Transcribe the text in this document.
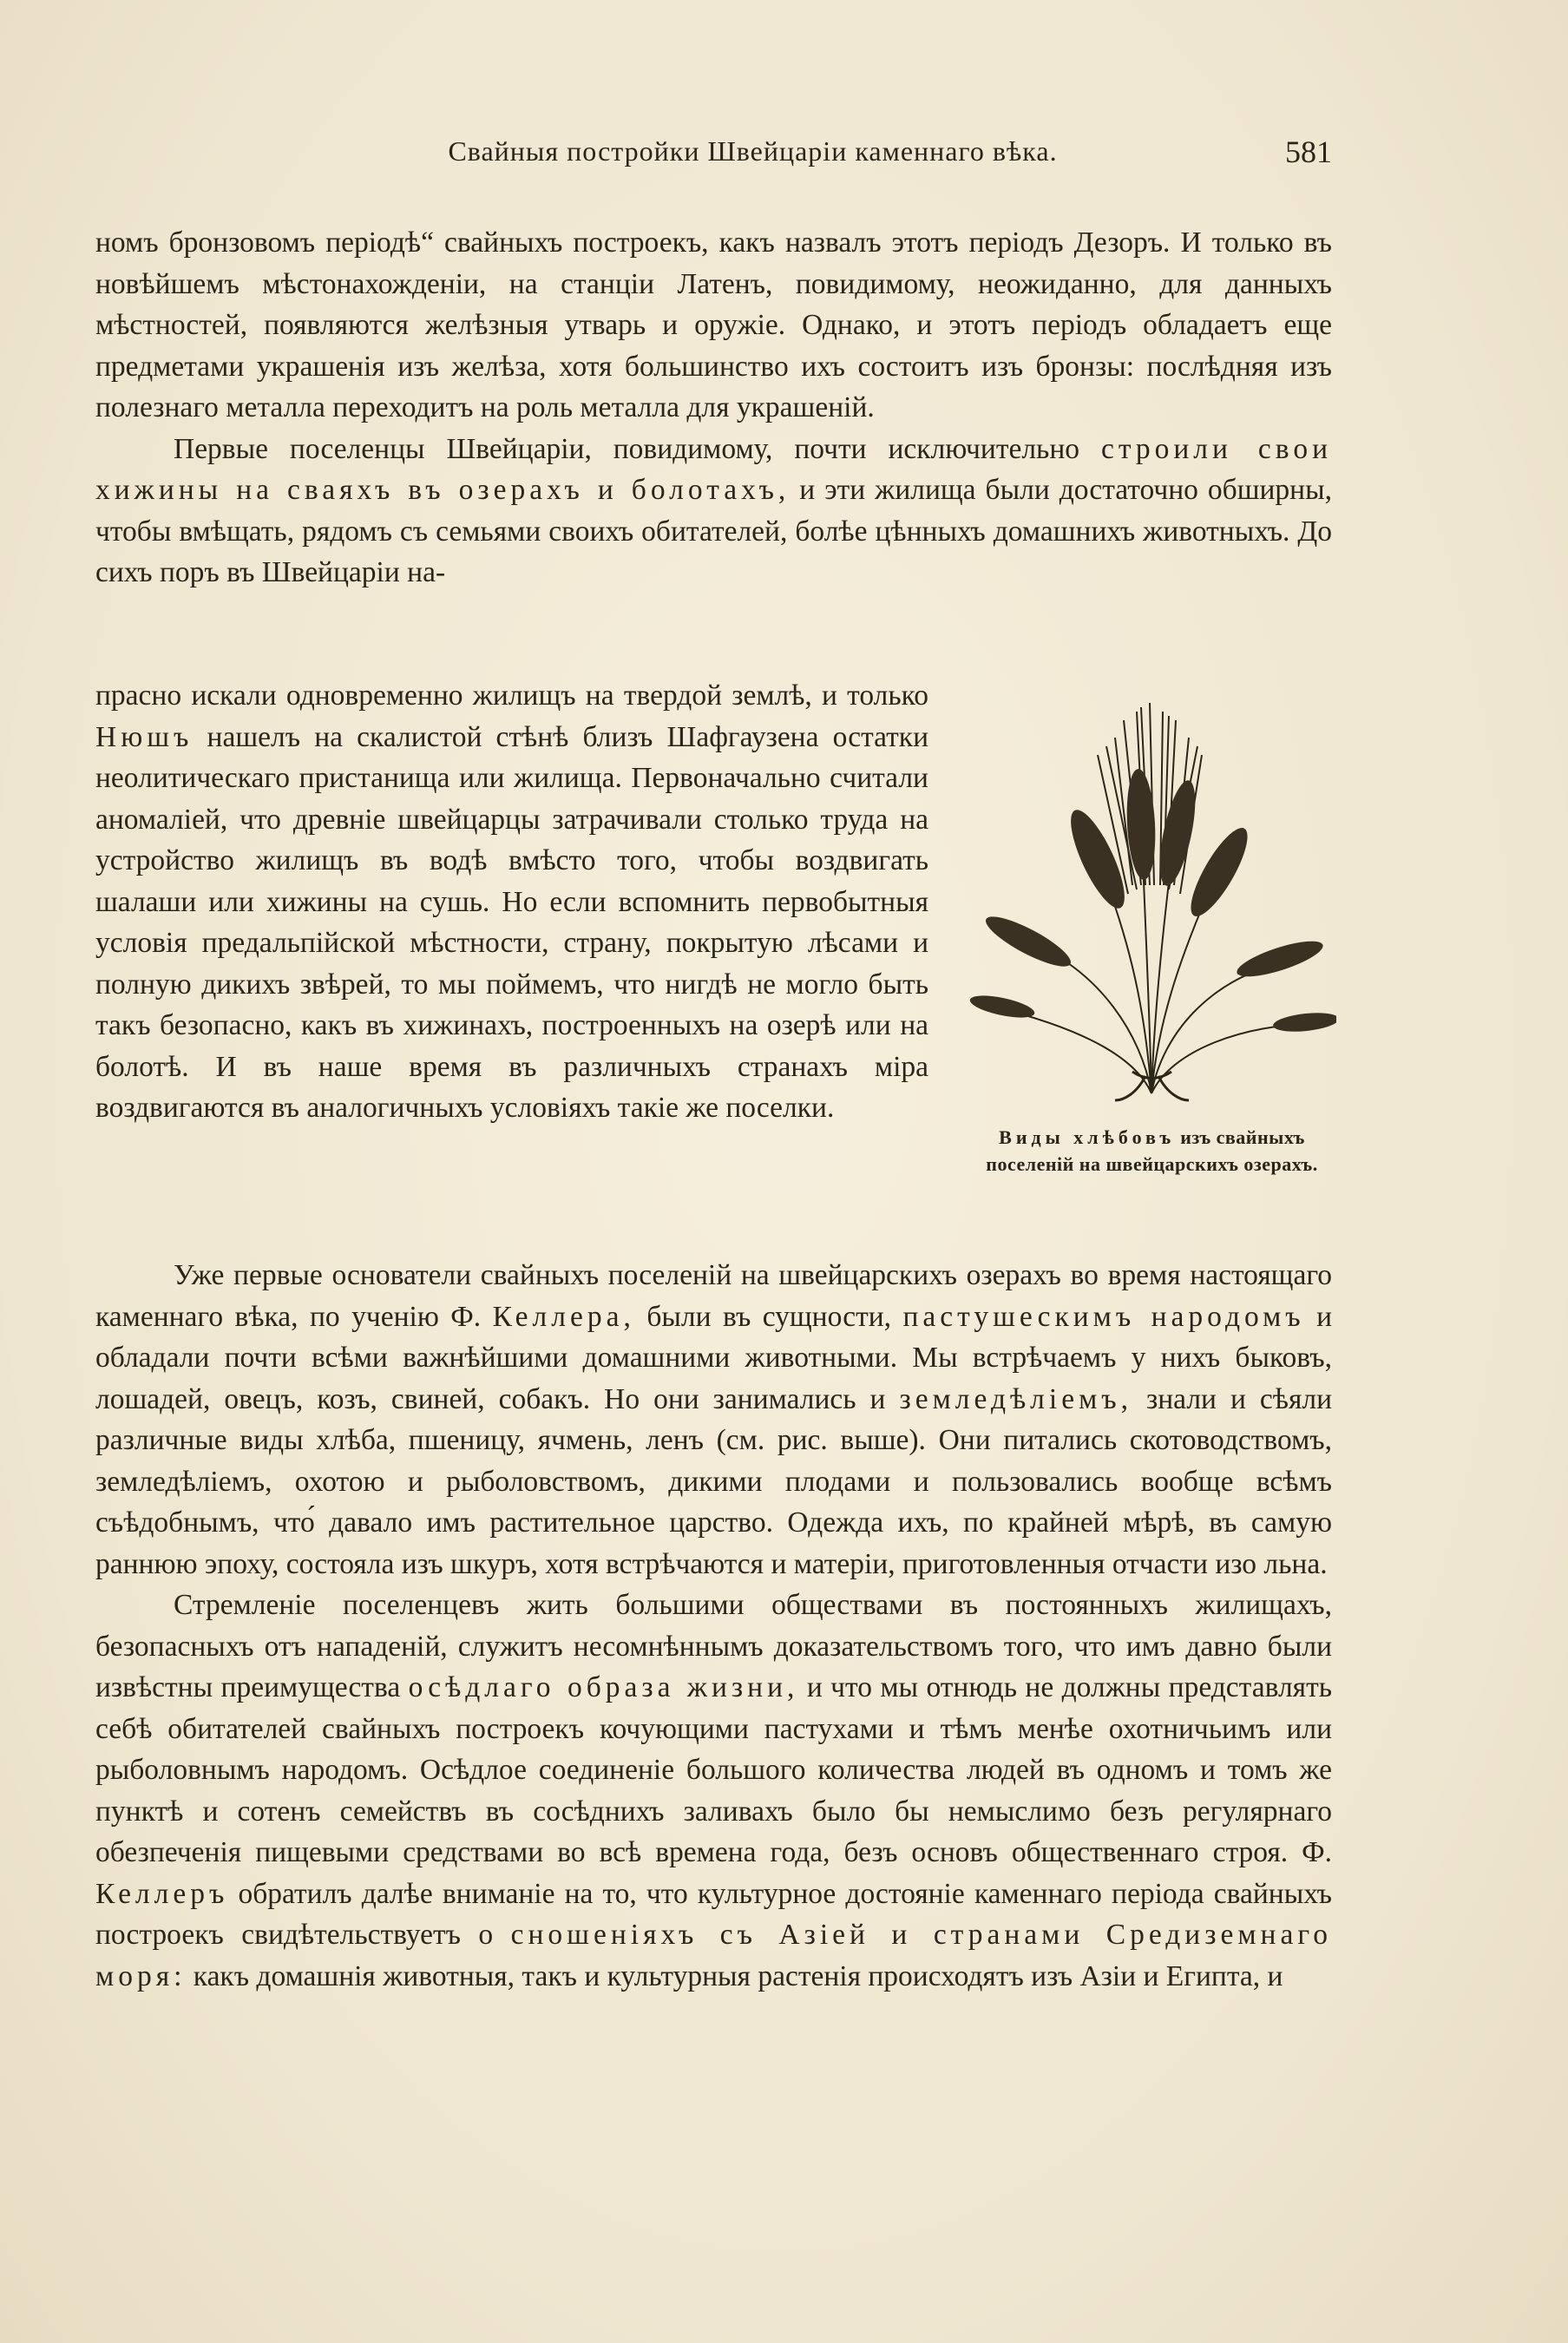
Свайныя постройки Швейцаріи каменнаго вѣка.	581

номъ бронзовомъ періодѣ“ свайныхъ построекъ, какъ назвалъ этотъ періодъ Дезоръ. И только въ новѣйшемъ мѣстонахожденіи, на станціи Латенъ, повидимому, неожиданно, для данныхъ мѣстностей, появляются желѣзныя утварь и оружіе. Однако, и этотъ періодъ обладаетъ еще предметами украшенія изъ желѣза, хотя большинство ихъ состоитъ изъ бронзы: послѣдняя изъ полезнаго металла переходитъ на роль металла для украшеній.

Первые поселенцы Швейцаріи, повидимому, почти исключительно строили свои хижины на сваяхъ въ озерахъ и болотахъ, и эти жилища были достаточно обширны, чтобы вмѣщать, рядомъ съ семьями своихъ обитателей, болѣе цѣнныхъ домашнихъ животныхъ. До сихъ поръ въ Швейцаріи на-

прасно искали одновременно жилищъ на твердой землѣ, и только Нюшъ нашелъ на скалистой стѣнѣ близъ Шафгаузена остатки неолитическаго пристанища или жилища. Первоначально считали аномаліей, что древніе швейцарцы затрачивали столько труда на устройство жилищъ въ водѣ вмѣсто того, чтобы воздвигать шалаши или хижины на сушь. Но если вспомнить первобытныя условія предальпійской мѣстности, страну, покрытую лѣсами и полную дикихъ звѣрей, то мы поймемъ, что нигдѣ не могло быть такъ безопасно, какъ въ хижинахъ, построенныхъ на озерѣ или на болотѣ. И въ наше время въ различныхъ странахъ міра воздвигаются въ аналогичныхъ условіяхъ такіе же поселки.

Виды хлѣбовъ изъ свайныхъ поселеній на швейцарскихъ озерахъ.

Уже первые основатели свайныхъ поселеній на швейцарскихъ озерахъ во время настоящаго каменнаго вѣка, по ученію Ф. Келлера, были въ сущности, пастушескимъ народомъ и обладали почти всѣми важнѣйшими домашними животными. Мы встрѣчаемъ у нихъ быковъ, лошадей, овецъ, козъ, свиней, собакъ. Но они занимались и земледѣліемъ, знали и сѣяли различные виды хлѣба, пшеницу, ячмень, ленъ (см. рис. выше). Они питались скотоводствомъ, земледѣліемъ, охотою и рыболовствомъ, дикими плодами и пользовались вообще всѣмъ съѣдобнымъ, что́ давало имъ растительное царство. Одежда ихъ, по крайней мѣрѣ, въ самую раннюю эпоху, состояла изъ шкуръ, хотя встрѣчаются и матеріи, приготовленныя отчасти изо льна.

Стремленіе поселенцевъ жить большими обществами въ постоянныхъ жилищахъ, безопасныхъ отъ нападеній, служитъ несомнѣннымъ доказательствомъ того, что имъ давно были извѣстны преимущества осѣдлаго образа жизни, и что мы отнюдь не должны представлять себѣ обитателей свайныхъ построекъ кочующими пастухами и тѣмъ менѣе охотничьимъ или рыболовнымъ народомъ. Осѣдлое соединеніе большого количества людей въ одномъ и томъ же пунктѣ и сотенъ семействъ въ сосѣднихъ заливахъ было бы немыслимо безъ регулярнаго обезпеченія пищевыми средствами во всѣ времена года, безъ основъ общественнаго строя. Ф. Келлеръ обратилъ далѣе вниманіе на то, что культурное достояніе каменнаго періода свайныхъ построекъ свидѣтельствуетъ о сношеніяхъ съ Азіей и странами Средиземнаго моря: какъ домашнія животныя, такъ и культурныя растенія происходятъ изъ Азіи и Египта, и
